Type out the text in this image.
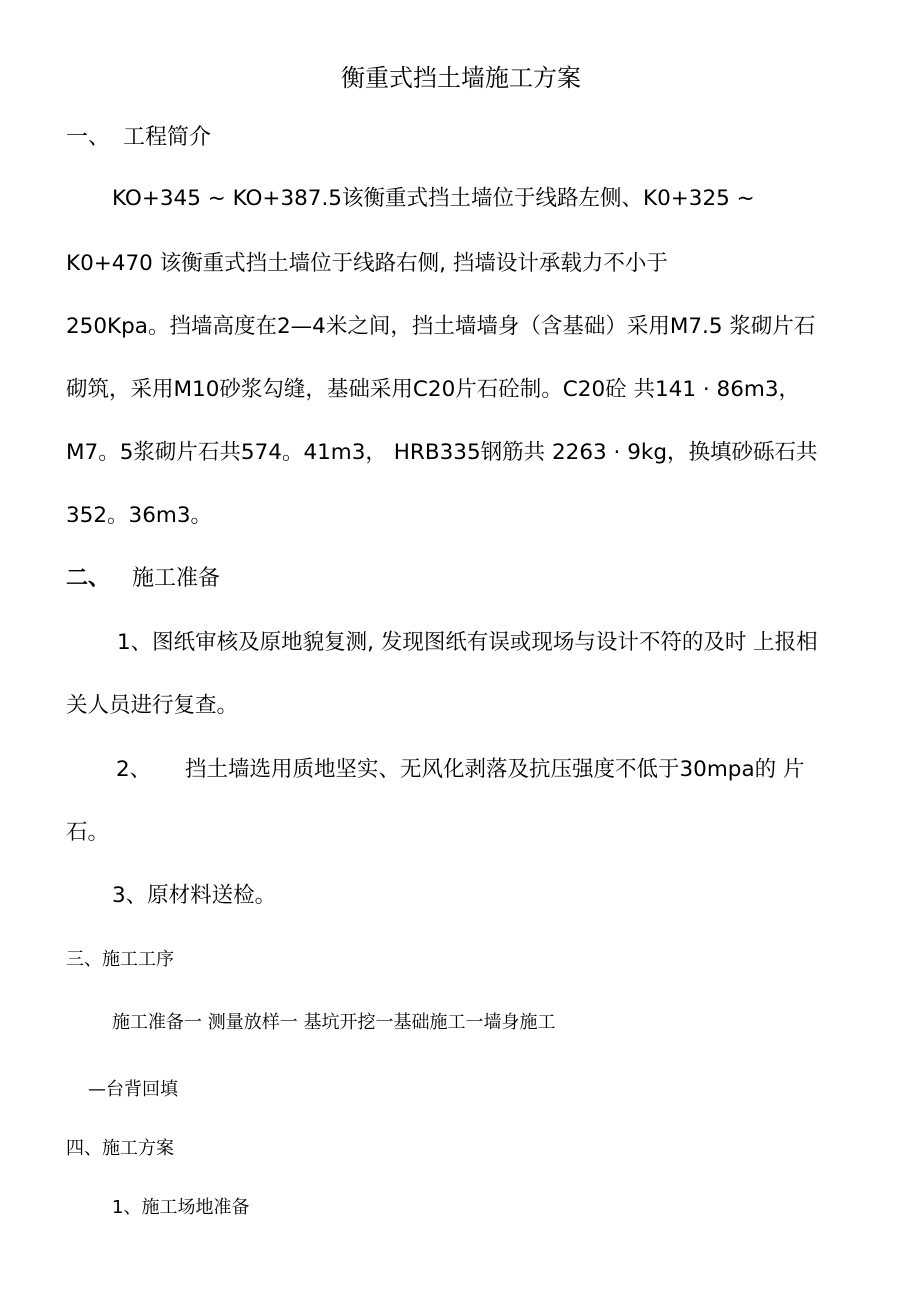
衡重式挡土墙施工方案
一、 工程简介
KO+345 ~ KO+387.5该衡重式挡土墙位于线路左侧、K0+325 ~
K0+470 该衡重式挡土墙位于线路右侧, 挡墙设计承载力不小于
250Kpa。挡墙高度在2—4米之间，挡土墙墙身（含基础）采用M7.5 浆砌片石
砌筑，采用M10砂浆勾缝，基础采用C20片石砼制。C20砼 共141 · 86m3，
M7。5浆砌片石共574。41m3， HRB335钢筋共 2263 · 9kg，换填砂砾石共
352。36m3。
二、 施工准备
1、图纸审核及原地貌复测, 发现图纸有误或现场与设计不符的及时 上报相
关人员进行复查。
2、 挡土墙选用质地坚实、无风化剥落及抗压强度不低于30mpa的 片
石。
3、原材料送检。
三、施工工序
施工准备一 测量放样一 基坑开挖一基础施工一墙身施工
—台背回填
四、施工方案
1、施工场地准备
